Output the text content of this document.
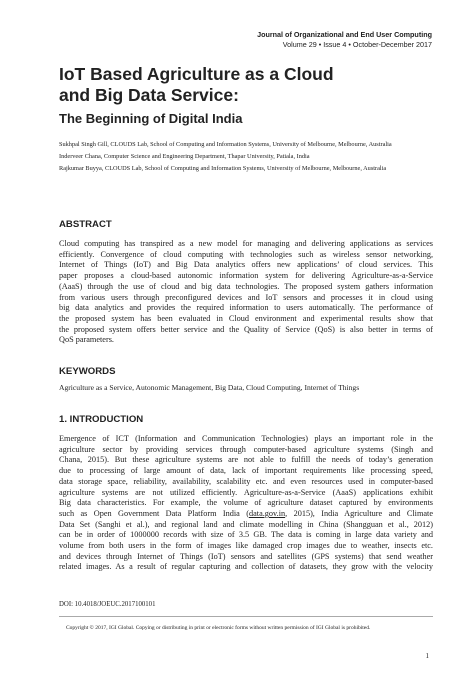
Journal of Organizational and End User Computing
Volume 29 • Issue 4 • October-December 2017
IoT Based Agriculture as a Cloud
and Big Data Service:
The Beginning of Digital India
Sukhpal Singh Gill, CLOUDS Lab, School of Computing and Information Systems, University of Melbourne, Melbourne, Australia
Inderveer Chana, Computer Science and Engineering Department, Thapar University, Patiala, India
Rajkumar Buyya, CLOUDS Lab, School of Computing and Information Systems, University of Melbourne, Melbourne, Australia
ABSTRACT

Cloud computing has transpired as a new model for managing and delivering applications as services
efficiently. Convergence of cloud computing with technologies such as wireless sensor networking,
Internet of Things (IoT) and Big Data analytics offers new applications’ of cloud services. This
paper proposes a cloud-based autonomic information system for delivering Agriculture-as-a-Service
(AaaS) through the use of cloud and big data technologies. The proposed system gathers information
from various users through preconfigured devices and IoT sensors and processes it in cloud using
big data analytics and provides the required information to users automatically. The performance of
the proposed system has been evaluated in Cloud environment and experimental results show that
the proposed system offers better service and the Quality of Service (QoS) is also better in terms of
QoS parameters.

KEYWORDS
Agriculture as a Service, Autonomic Management, Big Data, Cloud Computing, Internet of Things
1. INTRODUCTION

Emergence of ICT (Information and Communication Technologies) plays an important role in the
agriculture sector by providing services through computer-based agriculture systems (Singh and
Chana, 2015). But these agriculture systems are not able to fulfill the needs of today’s generation
due to processing of large amount of data, lack of important requirements like processing speed,
data storage space, reliability, availability, scalability etc. and even resources used in computer-based
agriculture systems are not utilized efficiently. Agriculture-as-a-Service (AaaS) applications exhibit
Big data characteristics. For example, the volume of agriculture dataset captured by environments
such as Open Government Data Platform India (data.gov.in, 2015), India Agriculture and Climate
Data Set (Sanghi et al.), and regional land and climate modelling in China (Shangguan et al., 2012)
can be in order of 1000000 records with size of 3.5 GB. The data is coming in large data variety and
volume from both users in the form of images like damaged crop images due to weather, insects etc.
and devices through Internet of Things (IoT) sensors and satellites (GPS systems) that send weather
related images. As a result of regular capturing and collection of datasets, they grow with the velocity

DOI: 10.4018/JOEUC.2017100101
Copyright © 2017, IGI Global. Copying or distributing in print or electronic forms without written permission of IGI Global is prohibited.
1
